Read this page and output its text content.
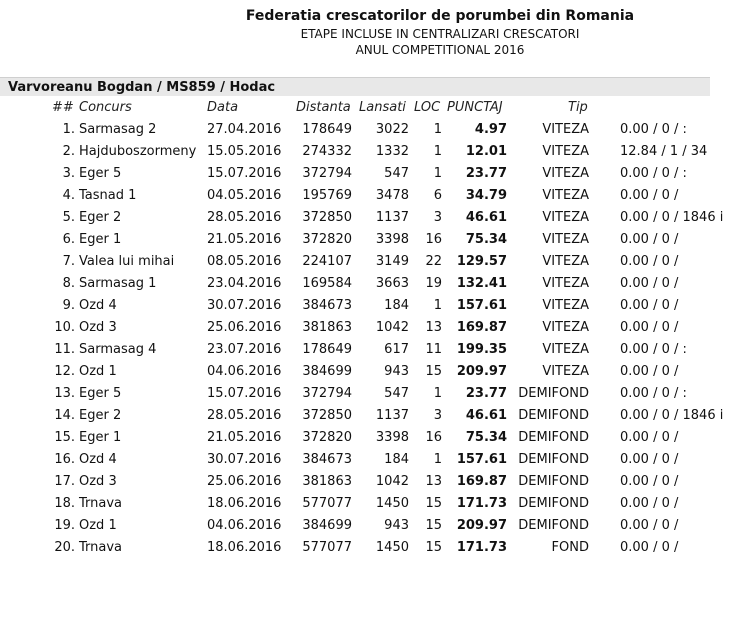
Federatia crescatorilor de porumbei din Romania
ETAPE INCLUSE IN CENTRALIZARI CRESCATORI
ANUL COMPETITIONAL 2016
Varvoreanu Bogdan / MS859 / Hodac
## Concurs	Data	Distanta Lansati LOC PUNCTAJ	Tip
1. Sarmasag 2	27.04.2016 178649 3022 1	4.97	VITEZA 0.00 / 0 / :
2. Hajduboszormeny 15.05.2016 274332 1332 1 12.01	VITEZA 12.84 / 1 / 34
3. Eger 5	15.07.2016 372794 547 1 23.77	VITEZA 0.00 / 0 / :
4. Tasnad 1	04.05.2016 195769 3478 6 34.79	VITEZA 0.00 / 0 /
5. Eger 2	28.05.2016 372850 1137 3 46.61	VITEZA 0.00 / 0 / 1846 i
6. Eger 1	21.05.2016 372820 3398 16 75.34	VITEZA 0.00 / 0 /
7. Valea lui mihai	08.05.2016 224107 3149 22 129.57	VITEZA 0.00 / 0 /
8. Sarmasag 1	23.04.2016 169584 3663 19 132.41	VITEZA 0.00 / 0 /
9. Ozd 4	30.07.2016 384673 184 1 157.61	VITEZA 0.00 / 0 /
10. Ozd 3	25.06.2016 381863 1042 13 169.87	VITEZA 0.00 / 0 /
11. Sarmasag 4	23.07.2016 178649 617 11 199.35	VITEZA 0.00 / 0 / :
12. Ozd 1	04.06.2016 384699 943 15 209.97	VITEZA 0.00 / 0 /
13. Eger 5	15.07.2016 372794 547 1 23.77 DEMIFOND 0.00 / 0 / :
14. Eger 2	28.05.2016 372850 1137 3 46.61 DEMIFOND 0.00 / 0 / 1846 i
15. Eger 1	21.05.2016 372820 3398 16 75.34 DEMIFOND 0.00 / 0 /
16. Ozd 4	30.07.2016 384673 184 1 157.61 DEMIFOND 0.00 / 0 /
17. Ozd 3	25.06.2016 381863 1042 13 169.87 DEMIFOND 0.00 / 0 /
18. Trnava	18.06.2016 577077 1450 15 171.73 DEMIFOND 0.00 / 0 /
19. Ozd 1	04.06.2016 384699 943 15 209.97 DEMIFOND 0.00 / 0 /
20. Trnava	18.06.2016 577077 1450 15 171.73	FOND 0.00 / 0 /
